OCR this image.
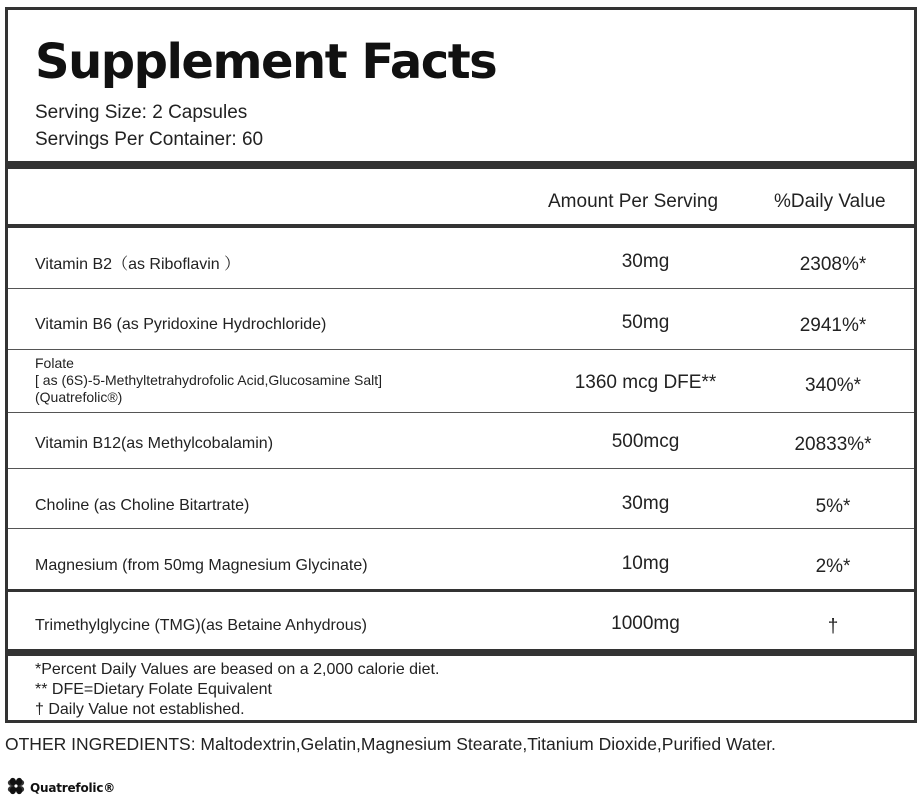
Supplement Facts
Serving Size: 2 Capsules
Servings Per Container: 60
Amount Per Serving	%Daily Value
Vitamin B2（as Riboflavin ）	30mg	2308%*
Vitamin B6 (as Pyridoxine Hydrochloride)	50mg	2941%*
Folate
[ as (6S)-5-Methyltetrahydrofolic Acid,Glucosamine Salt]
(Quatrefolic®)
1360 mcg DFE**	340%*
Vitamin B12(as Methylcobalamin)	500mcg	20833%*
Choline (as Choline Bitartrate)	30mg	5%*
Magnesium (from 50mg Magnesium Glycinate)	10mg	2%*
Trimethylglycine (TMG)(as Betaine Anhydrous)	1000mg	†
*Percent Daily Values are beased on a 2,000 calorie diet.
** DFE=Dietary Folate Equivalent
† Daily Value not established.
OTHER INGREDIENTS: Maltodextrin,Gelatin,Magnesium Stearate,Titanium Dioxide,Purified Water.
Quatrefolic®
